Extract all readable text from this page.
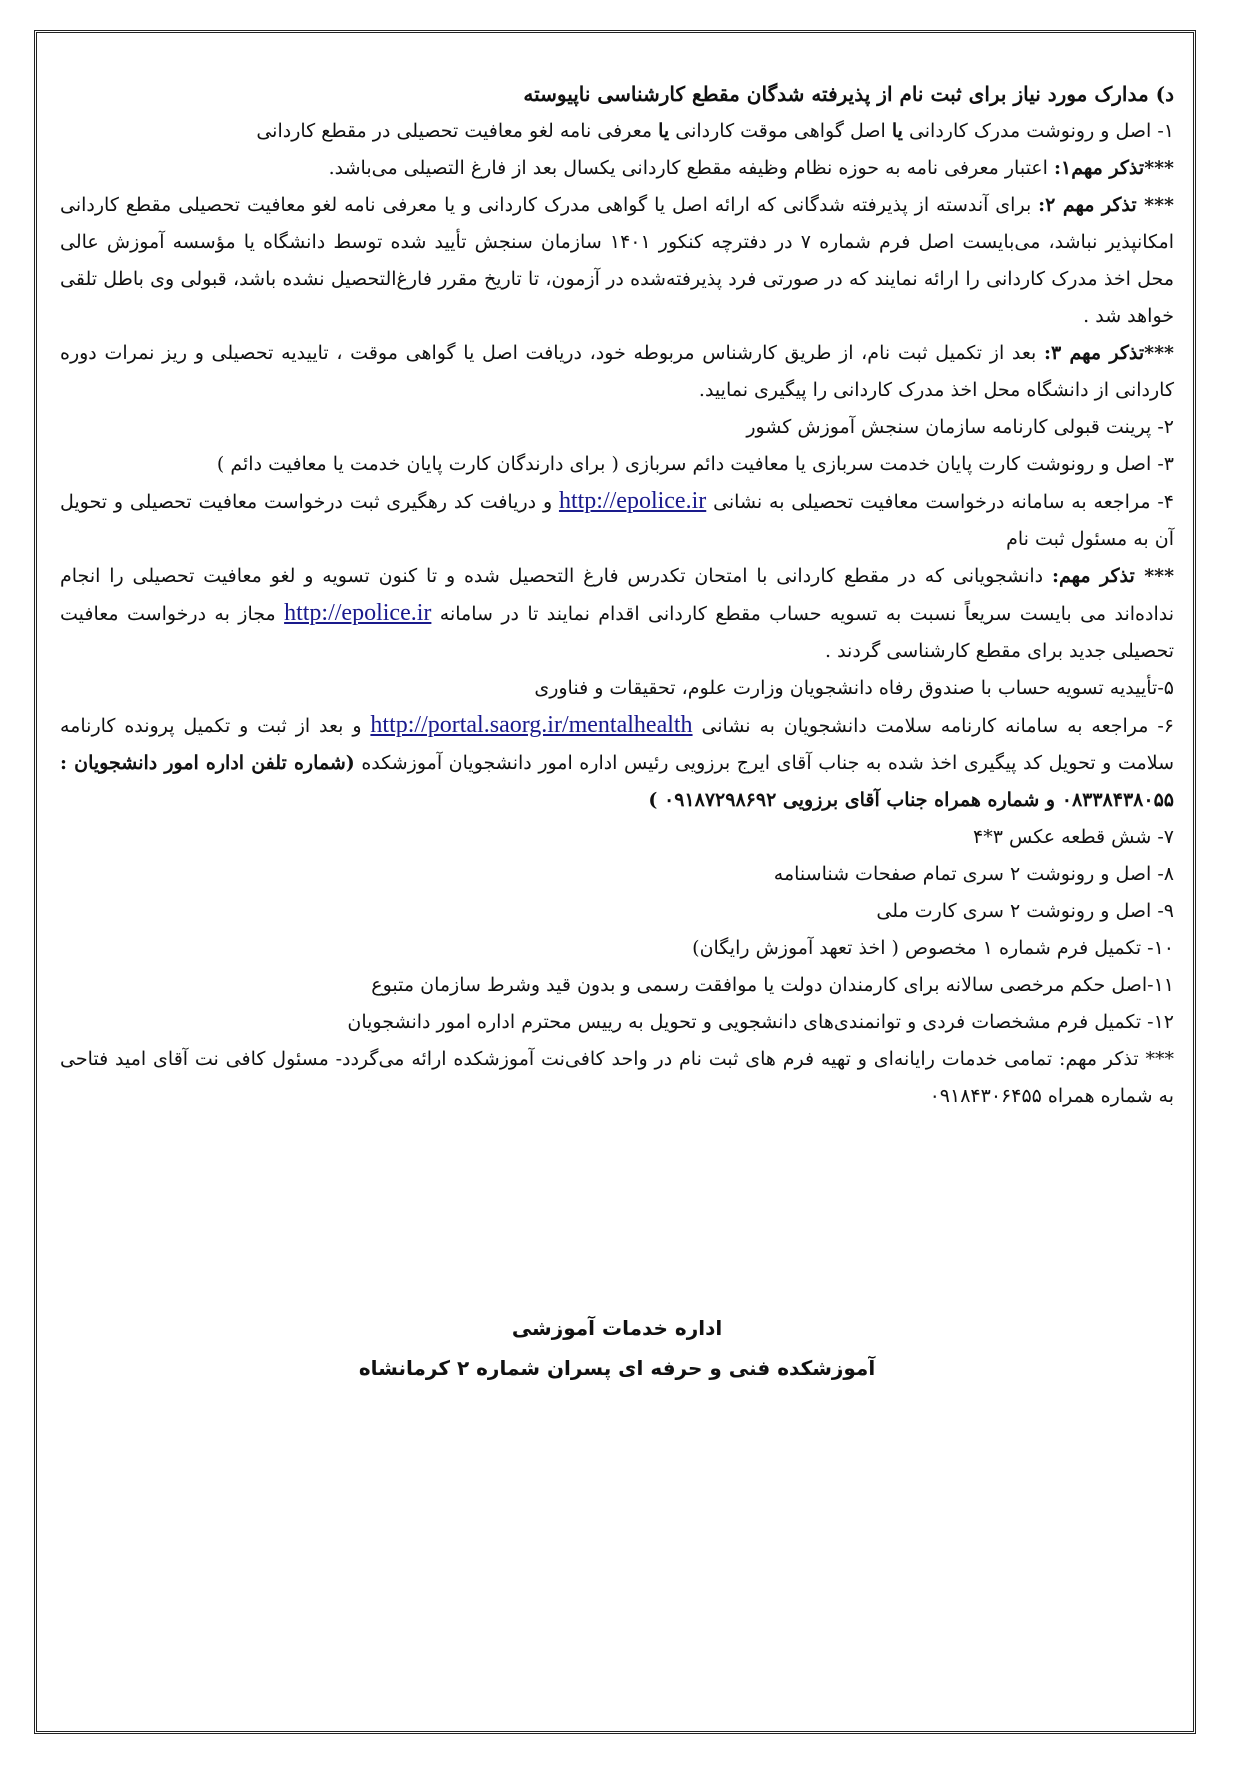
د) مدارک مورد نیاز برای ثبت نام از پذیرفته شدگان مقطع کارشناسی ناپیوسته
۱- اصل و رونوشت مدرک کاردانی یا اصل گواهی موقت کاردانی یا معرفی نامه لغو معافیت تحصیلی در مقطع کاردانی
***تذکر مهم۱: اعتبار معرفی نامه به حوزه نظام وظیفه مقطع کاردانی یکسال بعد از فارغ التصیلی می‌باشد.
*** تذکر مهم ۲: برای آندسته از پذیرفته شدگانی که ارائه اصل یا گواهی مدرک کاردانی و یا معرفی نامه لغو معافیت تحصیلی مقطع کاردانی امکانپذیر نباشد، می‌بایست اصل فرم شماره ۷ در دفترچه کنکور ۱۴۰۱ سازمان سنجش تأیید شده توسط دانشگاه یا مؤسسه آموزش عالی محل اخذ مدرک کاردانی را ارائه نمایند که در صورتی فرد پذیرفته‌شده در آزمون، تا تاریخ مقرر فارغ‌التحصیل نشده باشد، قبولی وی باطل تلقی خواهد شد .
***تذکر مهم ۳: بعد از تکمیل ثبت نام، از طریق کارشناس مربوطه خود، دریافت اصل یا گواهی موقت ، تاییدیه تحصیلی و ریز نمرات دوره کاردانی از دانشگاه محل اخذ مدرک کاردانی را پیگیری نمایید.
۲- پرینت قبولی کارنامه سازمان سنجش آموزش کشور
۳- اصل و رونوشت کارت پایان خدمت سربازی یا معافیت دائم سربازی ( برای دارندگان کارت پایان خدمت یا معافیت دائم )
۴- مراجعه به سامانه درخواست معافیت تحصیلی به نشانی http://epolice.ir و دریافت کد رهگیری ثبت درخواست معافیت تحصیلی و تحویل آن به مسئول ثبت نام
*** تذکر مهم: دانشجویانی که در مقطع کاردانی با امتحان تکدرس فارغ التحصیل شده و تا کنون تسویه و لغو معافیت تحصیلی را انجام نداده‌اند می بایست سریعاً نسبت به تسویه حساب مقطع کاردانی اقدام نمایند تا در سامانه http://epolice.ir مجاز به درخواست معافیت تحصیلی جدید برای مقطع کارشناسی گردند .
۵-تأییدیه تسویه حساب با صندوق رفاه دانشجویان وزارت علوم، تحقیقات و فناوری
۶- مراجعه به سامانه کارنامه سلامت دانشجویان به نشانی http://portal.saorg.ir/mentalhealth و بعد از ثبت و تکمیل پرونده کارنامه سلامت و تحویل کد پیگیری اخذ شده به جناب آقای ایرج برزویی رئیس اداره امور دانشجویان آموزشکده (شماره تلفن اداره امور دانشجویان : ۰۸۳۳۸۴۳۸۰۵۵ و شماره همراه جناب آقای برزویی ۰۹۱۸۷۲۹۸۶۹۲ )
۷- شش قطعه عکس ۳*۴
۸- اصل و رونوشت ۲ سری تمام صفحات شناسنامه
۹- اصل و رونوشت ۲ سری کارت ملی
۱۰- تکمیل فرم شماره ۱ مخصوص ( اخذ تعهد آموزش رایگان)
۱۱-اصل حکم مرخصی سالانه برای کارمندان دولت یا موافقت رسمی و بدون قید وشرط سازمان متبوع
۱۲- تکمیل فرم مشخصات فردی و توانمندی‌های دانشجویی و تحویل به رییس محترم اداره امور دانشجویان
*** تذکر مهم: تمامی خدمات رایانه‌ای و تهیه فرم های ثبت نام در واحد کافی‌نت آموزشکده ارائه می‌گردد- مسئول کافی نت آقای امید فتاحی به شماره همراه ۰۹۱۸۴۳۰۶۴۵۵
اداره خدمات آموزشی
آموزشکده فنی و حرفه ای پسران شماره ۲ کرمانشاه
